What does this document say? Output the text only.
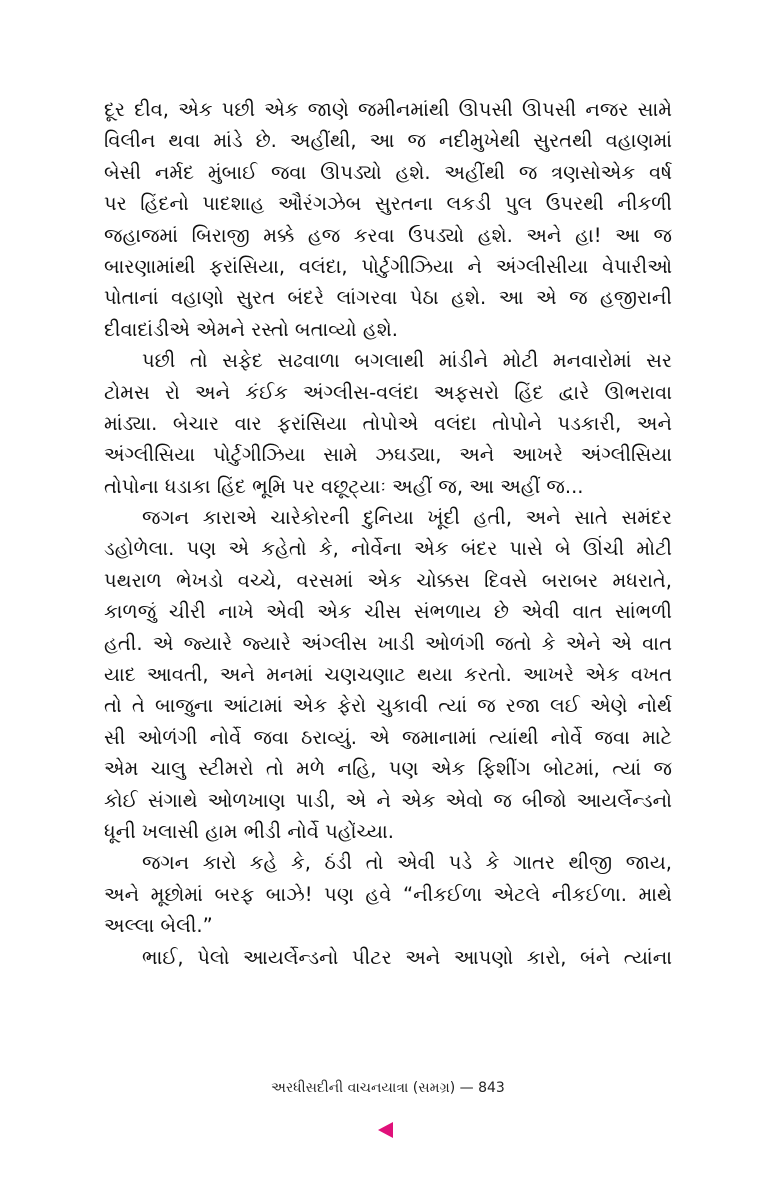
દૂર દીવ, એક પછી એક જાણે જમીનમાંથી ઊપસી ઊપસી નજર સામે
વિલીન થવા માંડે છે. અહીંથી, આ જ નદીમુખેથી સુરતથી વહાણમાં
બેસી નર્મદ મુંબાઈ જવા ઊપડ્યો હશે. અહીંથી જ ત્રણસોએક વર્ષ
પર હિંદનો પાદશાહ ઔરંગઝેબ સુરતના લકડી પુલ ઉપરથી નીકળી
જહાજમાં બિરાજી મક્કે હજ કરવા ઉપડ્યો હશે. અને હા! આ જ
બારણામાંથી ફરાંસિયા, વલંદા, પોર્ટુગીઝિયા ને અંગ્લીસીયા વેપારીઓ
પોતાનાં વહાણો સુરત બંદરે લાંગરવા પેઠા હશે. આ એ જ હજીરાની
દીવાદાંડીએ એમને રસ્તો બતાવ્યો હશે.
પછી તો સફેદ સઢવાળા બગલાથી માંડીને મોટી મનવારોમાં સર
ટોમસ રો અને કંઈક અંગ્લીસ-વલંદા અફસરો હિંદ દ્વારે ઊભરાવા
માંડ્યા. બેચાર વાર ફરાંસિયા તોપોએ વલંદા તોપોને પડકારી, અને
અંગ્લીસિયા પોર્ટુગીઝિયા સામે ઝઘડ્યા, અને આખરે અંગ્લીસિયા
તોપોના ધડાકા હિંદ ભૂમિ પર વછૂટ્યાઃ અહીં જ, આ અહીં જ...
જગન કારાએ ચારેકોરની દુનિયા ખૂંદી હતી, અને સાતે સમંદર
ડહોળેલા. પણ એ કહેતો કે, નોર્વેના એક બંદર પાસે બે ઊંચી મોટી
પથરાળ ભેખડો વચ્ચે, વરસમાં એક ચોક્કસ દિવસે બરાબર મધરાતે,
કાળજું ચીરી નાખે એવી એક ચીસ સંભળાય છે એવી વાત સાંભળી
હતી. એ જ્યારે જ્યારે અંગ્લીસ ખાડી ઓળંગી જતો કે એને એ વાત
યાદ આવતી, અને મનમાં ચણચણાટ થયા કરતો. આખરે એક વખત
તો તે બાજુના આંટામાં એક ફેરો ચુકાવી ત્યાં જ રજા લઈ એણે નોર્થ
સી ઓળંગી નોર્વે જવા ઠરાવ્યું. એ જમાનામાં ત્યાંથી નોર્વે જવા માટે
એમ ચાલુ સ્ટીમરો તો મળે નહિ, પણ એક ફિશીંગ બોટમાં, ત્યાં જ
કોઈ સંગાથે ઓળખાણ પાડી, એ ને એક એવો જ બીજો આયર્લેન્ડનો
ધૂની ખલાસી હામ ભીડી નોર્વે પહોંચ્યા.
જગન કારો કહે કે, ઠંડી તો એવી પડે કે ગાતર થીજી જાય,
અને મૂછોમાં બરફ બાઝે! પણ હવે “નીકઈળા એટલે નીકઈળા. માથે
અલ્લા બેલી.”
ભાઈ, પેલો આયર્લેન્ડનો પીટર અને આપણો કારો, બંને ત્યાંના
અરધીસદીની વાચનયાત્રા (સમગ્ર) — 843
